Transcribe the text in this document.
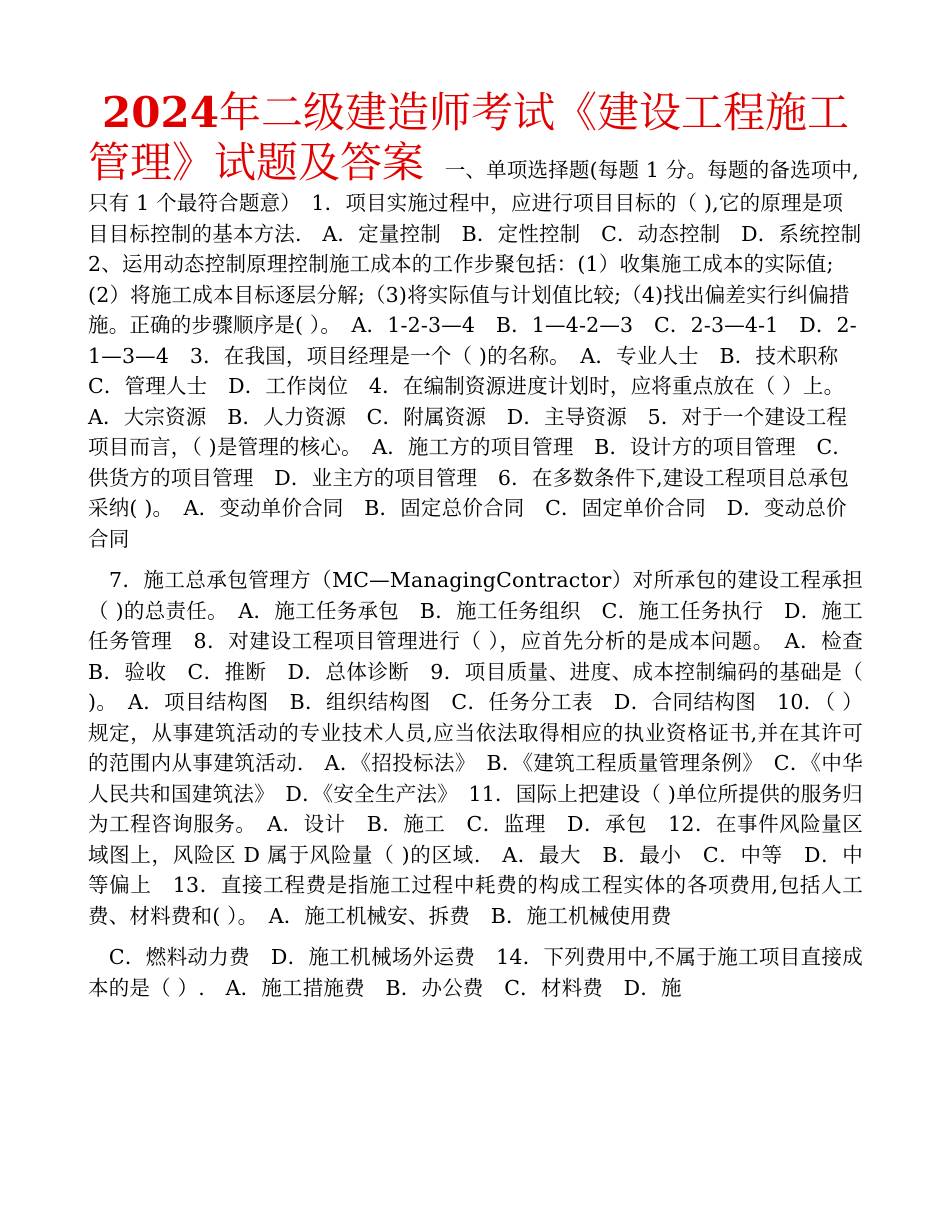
2024年二级建造师考试《建设工程施工
管理》试题及答案　一、单项选择题(每题 1 分。每题的备选项中,只有 1 个最符合题意）　1．项目实施过程中，应进行项目目标的（ ),它的原理是项目目标控制的基本方法.　A．定量控制　B．定性控制　C．动态控制　D．系统控制　2、运用动态控制原理控制施工成本的工作步聚包括：(1）收集施工成本的实际值;(2）将施工成本目标逐层分解;（3)将实际值与计划值比较;（4)找出偏差实行纠偏措施。正确的步骤顺序是( ）。　A．1-2-3—4　B．1—4-2—3　C．2-3—4-1　D．2-1—3—4　3．在我国，项目经理是一个（ )的名称。　A．专业人士　B．技术职称　C．管理人士　D．工作岗位　4．在编制资源进度计划时，应将重点放在（ ）上。　A．大宗资源　B．人力资源　C．附属资源　D．主导资源　5．对于一个建设工程项目而言，（ )是管理的核心。　A．施工方的项目管理　B．设计方的项目管理　C．供货方的项目管理　D．业主方的项目管理　6．在多数条件下,建设工程项目总承包采纳( )。　A．变动单价合同　B．固定总价合同　C．固定单价合同　D．变动总价合同

　7．施工总承包管理方（MC—ManagingContractor）对所承包的建设工程承担（ )的总责任。　A．施工任务承包　B．施工任务组织　C．施工任务执行　D．施工任务管理　8．对建设工程项目管理进行（ ），应首先分析的是成本问题。　A．检查　B．验收　C．推断　D．总体诊断　9．项目质量、进度、成本控制编码的基础是（ )。　A．项目结构图　B．组织结构图　C．任务分工表　D．合同结构图　10．（ ）规定，从事建筑活动的专业技术人员,应当依法取得相应的执业资格证书,并在其许可的范围内从事建筑活动.　A．《招投标法》　B．《建筑工程质量管理条例》　C．《中华人民共和国建筑法》　D．《安全生产法》　11．国际上把建设（ )单位所提供的服务归为工程咨询服务。　A．设计　B．施工　C．监理　D．承包　12．在事件风险量区域图上，风险区 D 属于风险量（ )的区域.　A．最大　B．最小　C．中等　D．中等偏上　13．直接工程费是指施工过程中耗费的构成工程实体的各项费用,包括人工费、材料费和( ）。　A．施工机械安、拆费　B．施工机械使用费

　C．燃料动力费　D．施工机械场外运费　14．下列费用中,不属于施工项目直接成本的是（ ）.　A．施工措施费　B．办公费　C．材料费　D．施
